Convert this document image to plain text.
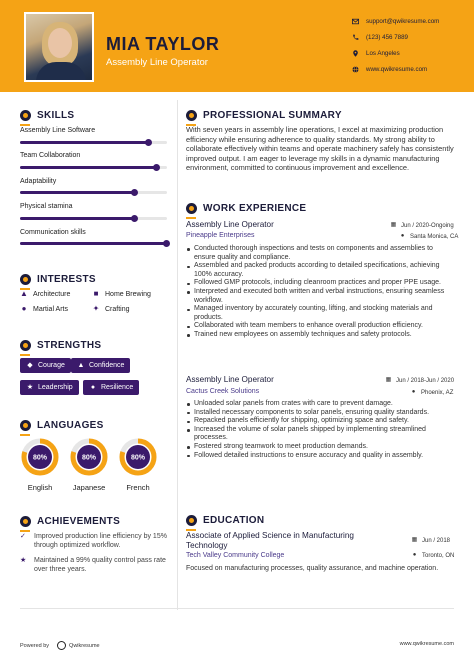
MIA TAYLOR
Assembly Line Operator
support@qwikresume.com
(123) 456 7889
Los Angeles
www.qwikresume.com
SKILLS
Assembly Line Software
Team Collaboration
Adaptability
Physical stamina
Communication skills
INTERESTS
▲ Architecture	■ Home Brewing
● Martial Arts	✦ Crafting
STRENGTHS
◆ Courage ▲ Confidence
★ Leadership	● Resilience
LANGUAGES
80%
English
80%
Japanese
80%
French
ACHIEVEMENTS
✓	Improved production line efficiency by 15% through optimized workflow.
★	Maintained a 99% quality control pass rate over three years.
PROFESSIONAL SUMMARY
With seven years in assembly line operations, I excel at maximizing production efficiency while ensuring adherence to quality standards. My strong ability to collaborate effectively within teams and operate machinery safely has consistently improved output. I am eager to leverage my skills in a dynamic manufacturing environment, committed to continuous improvement and excellence.
WORK EXPERIENCE
Assembly Line Operator
Pineapple Enterprises
▦ Jun / 2020-Ongoing
● Santa Monica, CA
Conducted thorough inspections and tests on components and assemblies to ensure quality and compliance.
Assembled and packed products according to detailed specifications, achieving 100% accuracy.
Followed GMP protocols, including cleanroom practices and proper PPE usage.
Interpreted and executed both written and verbal instructions, ensuring seamless workflow.
Managed inventory by accurately counting, lifting, and stocking materials and products.
Collaborated with team members to enhance overall production efficiency.
Trained new employees on assembly techniques and safety protocols.
Assembly Line Operator
Cactus Creek Solutions
▦ Jun / 2018-Jun / 2020
● Phoenix, AZ
Unloaded solar panels from crates with care to prevent damage.
Installed necessary components to solar panels, ensuring quality standards.
Repacked panels efficiently for shipping, optimizing space and safety.
Increased the volume of solar panels shipped by implementing streamlined processes.
Fostered strong teamwork to meet production demands.
Followed detailed instructions to ensure accuracy and quality in assembly.
EDUCATION
Associate of Applied Science in Manufacturing Technology
Tech Valley Community College
▦ Jun / 2018
● Toronto, ON
Focused on manufacturing processes, quality assurance, and machine operation.
Powered by	Qwikresume	www.qwikresume.com
